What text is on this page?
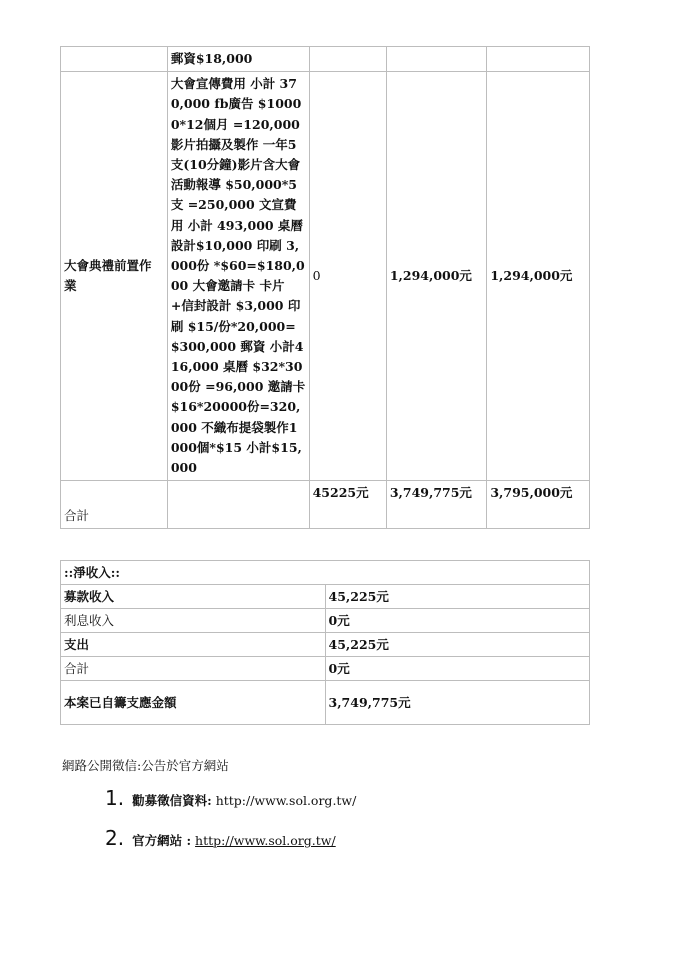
	郵資$18,000			
大會典禮前置作業	大會宣傳費用 小計 370,000 fb廣告 $10000*12個月 =120,000 影片拍攝及製作 一年5支(10分鐘)影片含大會活動報導 $50,000*5支 =250,000 文宣費用 小計 493,000 桌曆設計$10,000 印刷 3,000份 *$60=$180,000 大會邀請卡 卡片+信封設計 $3,000 印刷 $15/份*20,000= $300,000 郵資 小計416,000 桌曆 $32*3000份 =96,000 邀請卡 $16*20000份=320,000 不織布提袋製作1000個*$15 小計$15,000	0	1,294,000元	1,294,000元
合計		45225元	3,749,775元	3,795,000元
::淨收入::	
募款收入	45,225元
利息收入	0元
支出	45,225元
合計	0元
本案已自籌支應金額	3,749,775元
網路公開徵信:公告於官方網站
1. 勸募徵信資料:
http://www.sol.org.tw/
2. 官方網站 :
http://www.sol.org.tw/
